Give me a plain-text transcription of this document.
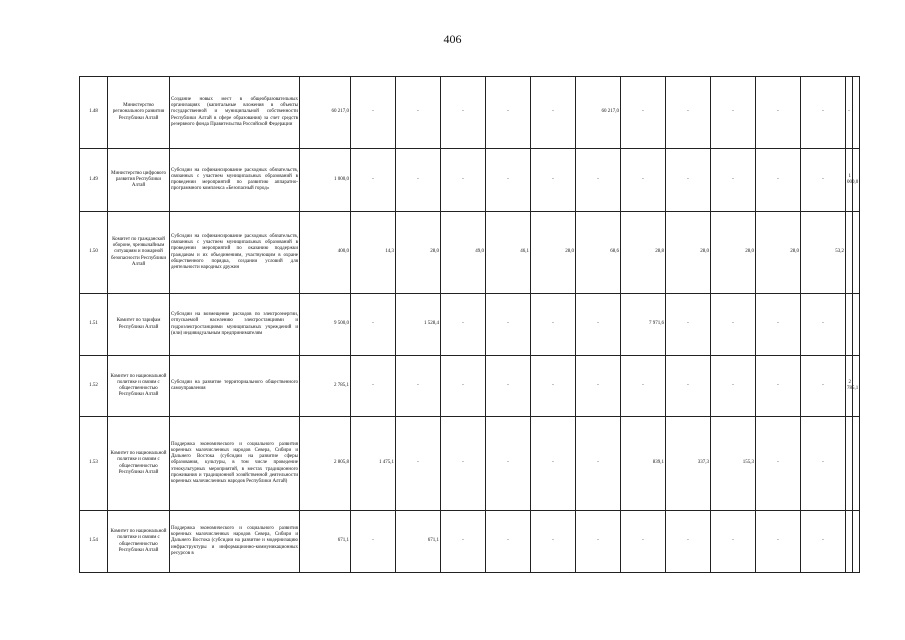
406
1.48	Министерство регионального развития Республики Алтай	Создание новых мест в общеобразовательных организациях (капитальные вложения в объекты государственной и муниципальной собственности Республики Алтай в сфере образования) за счет средств резервного фонда Правительства Российской Федерации	60 217,0	-	-	-	-	-	60 217,0	-	-	-	-	-	-	
1.49	Министерство цифрового развития Республики Алтай	Субсидии на софинансирование расходных обязательств, связанных с участием муниципальных образований в проведении мероприятий по развитию аппаратно-программного комплекса «Безопасный город»	1 000,0	-	-	-	-	-	-	-	-	-	-	-	1 000,0	
1.50	Комитет по гражданской обороне, чрезвычайным ситуациям и пожарной безопасности Республики Алтай	Субсидии на софинансирование расходных обязательств, связанных с участием муниципальных образований в проведении мероприятий по оказанию поддержки гражданам и их объединениям, участвующим в охране общественного порядка, создании условий для деятельности народных дружин	400,0	14,3	28,0	49,0	46,1	28,0	68,6	28,8	28,0	28,0	28,0	53,2		
1.51	Комитет по тарифам Республики Алтай	Субсидии на возмещение расходов по электроэнергии, отпускаемой населению электростанциями и гидроэлектростанциями муниципальных учреждений и (или) индивидуальным предпринимателям	9 500,0	-	1 528,4	-	-	-	-	7 971,6	-	-	-	-		
1.52	Комитет по национальной политике и связям с общественностью Республики Алтай	Субсидии на развитие территориального общественного самоуправления	2 785,1	-	-	-	-	-	-	-	-	-	-	-	2 785,1	
1.53	Комитет по национальной политике и связям с общественностью Республики Алтай	Поддержка экономического и социального развития коренных малочисленных народов Севера, Сибири и Дальнего Востока (субсидии на развитие сферы образования, культуры, в том числе проведение этнокультурных мероприятий, в местах традиционного проживания и традиционной хозяйственной деятельности коренных малочисленных народов Республики Алтай)	2 805,8	1 475,1	-	-	-	-	-	839,1	337,3	155,3	-	-		
1.54	Комитет по национальной политике и связям с общественностью Республики Алтай	Поддержка экономического и социального развития коренных малочисленных народов Севера, Сибири и Дальнего Востока (субсидии на развитие и модернизацию инфраструктуры и информационно-коммуникационных ресурсов в	671,1	-	671,1	-	-	-	-	-	-	-	-	-		
